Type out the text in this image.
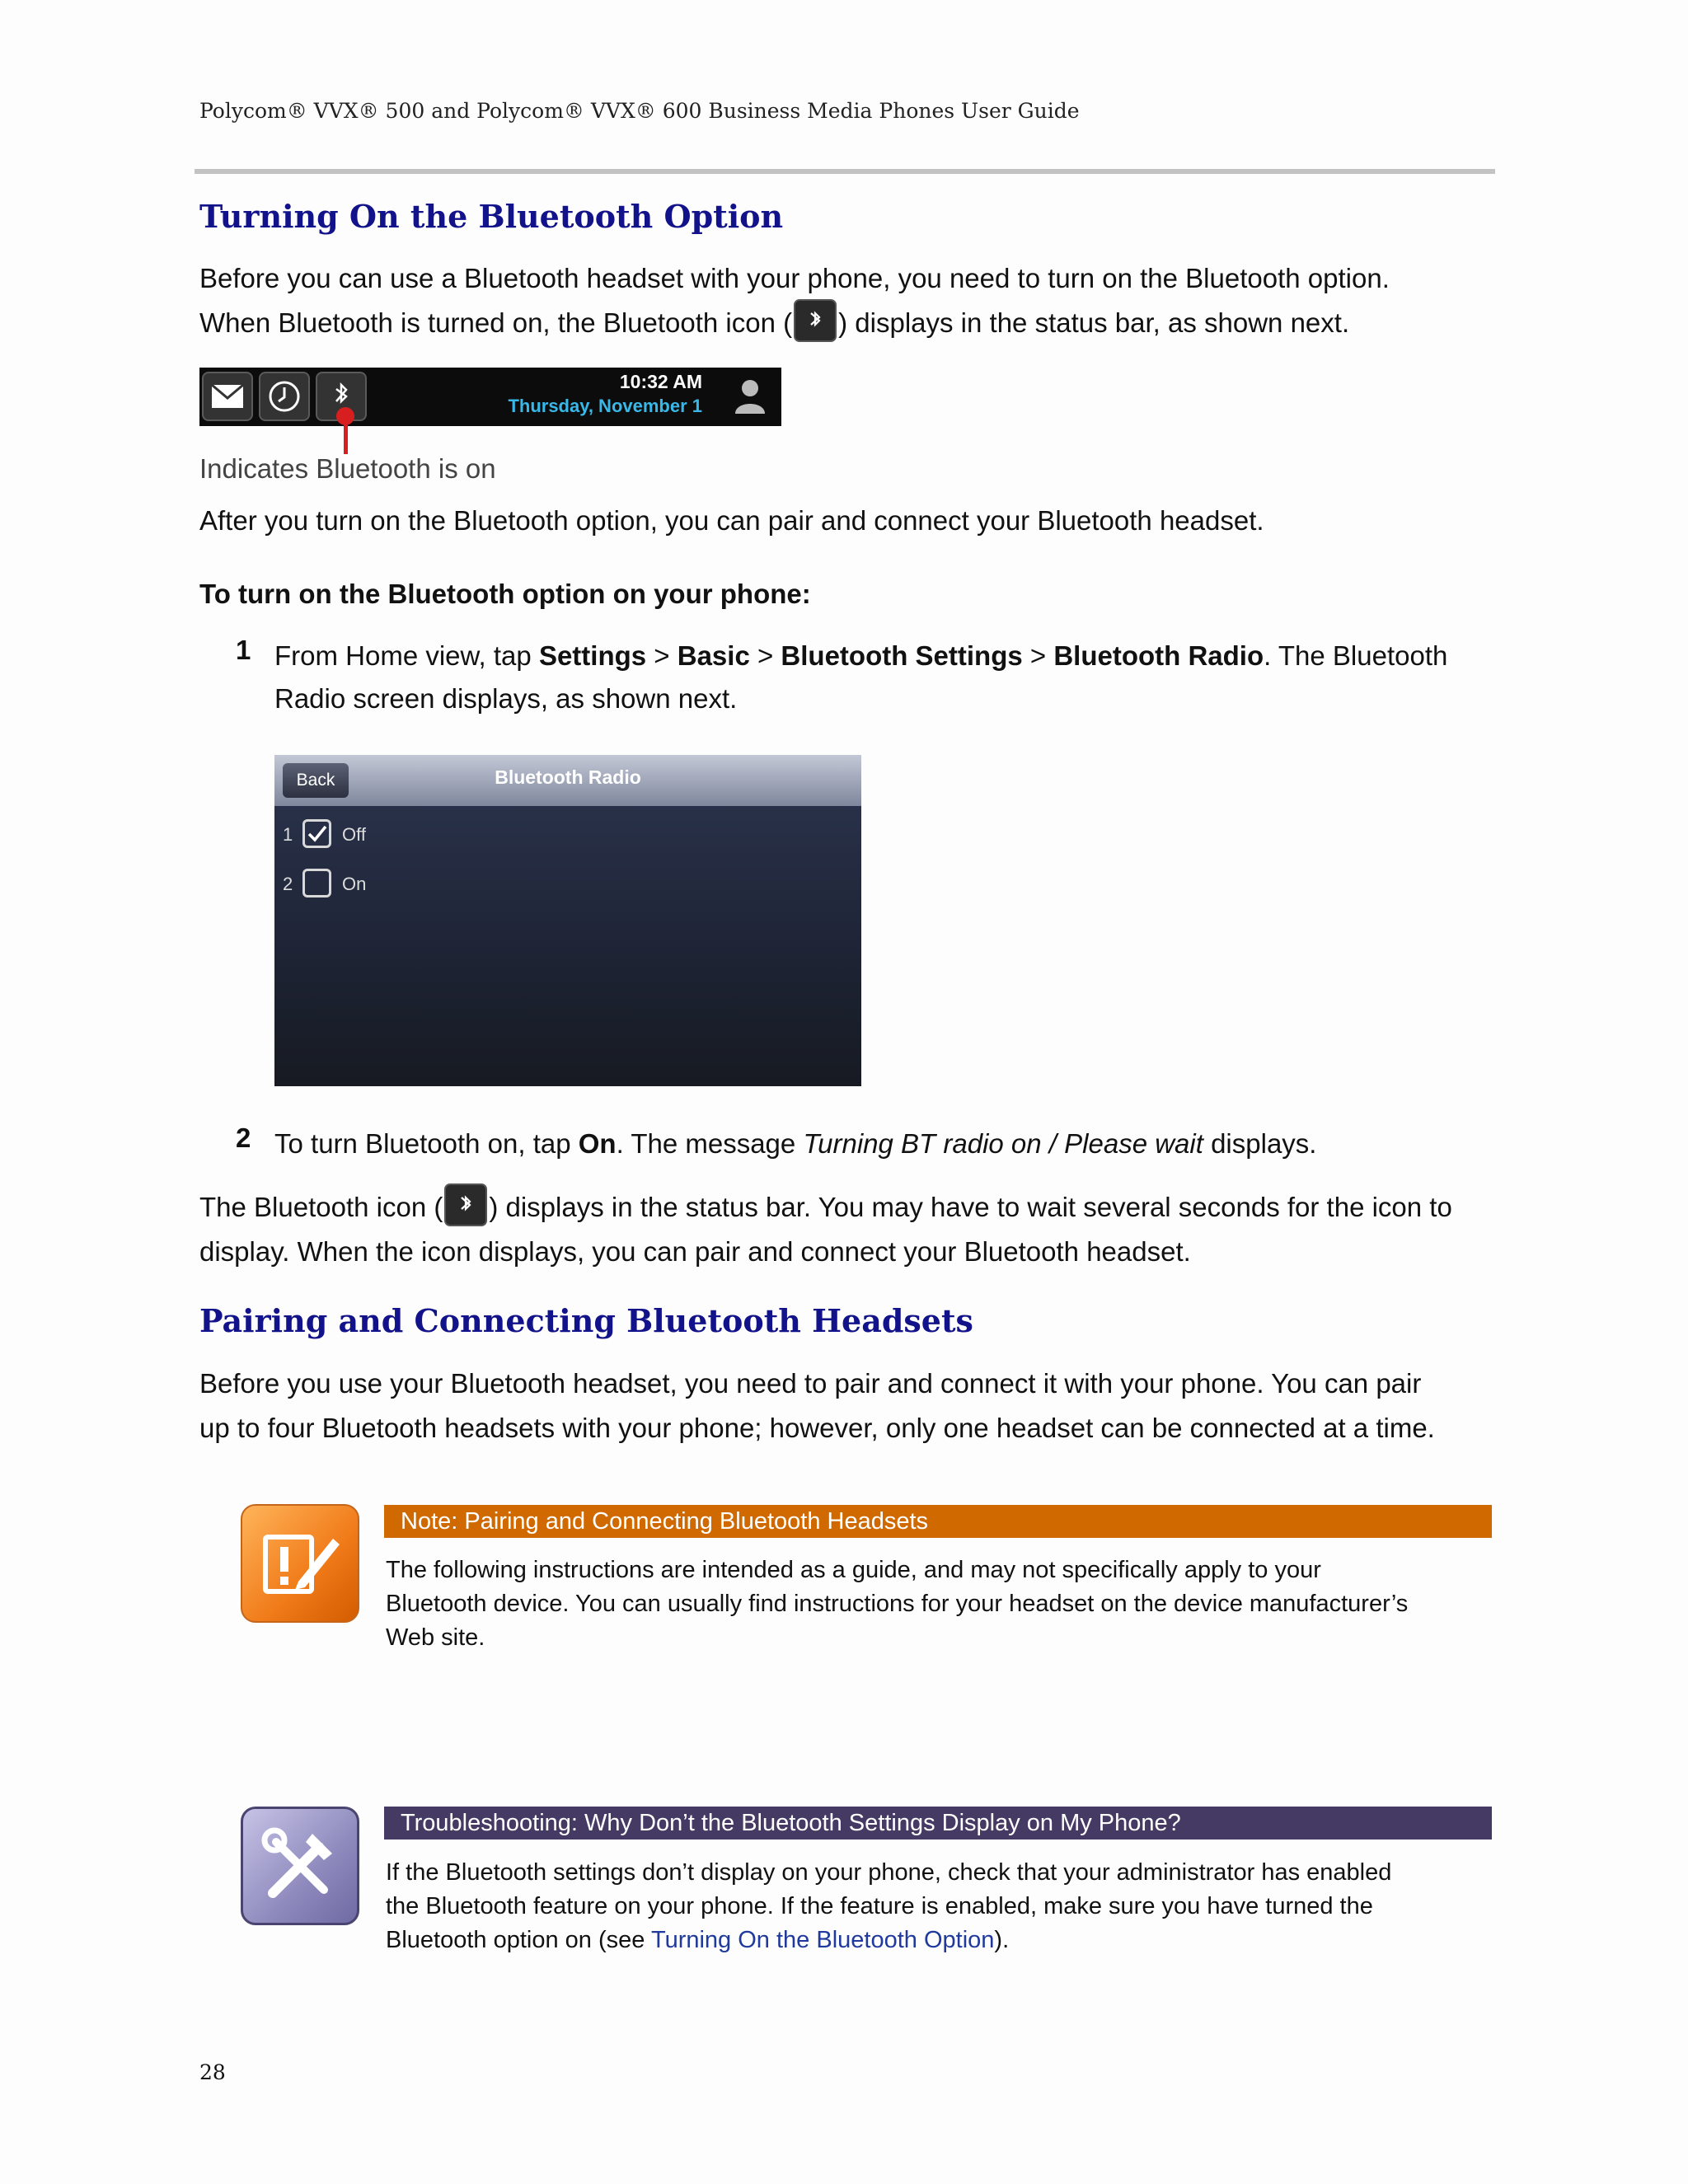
Polycom® VVX® 500 and Polycom® VVX® 600 Business Media Phones User Guide
Turning On the Bluetooth Option
Before you can use a Bluetooth headset with your phone, you need to turn on the Bluetooth option.
When Bluetooth is turned on, the Bluetooth icon ( ) displays in the status bar, as shown next.
10:32 AM
Thursday, November 1
Indicates Bluetooth is on
After you turn on the Bluetooth option, you can pair and connect your Bluetooth headset.
To turn on the Bluetooth option on your phone:
1 From Home view, tap Settings > Basic > Bluetooth Settings > Bluetooth Radio. The Bluetooth
Radio screen displays, as shown next.
Bluetooth Radio
Back
1	Off
2	On
2 To turn Bluetooth on, tap On. The message Turning BT radio on / Please wait displays.
The Bluetooth icon ( ) displays in the status bar. You may have to wait several seconds for the icon to
display. When the icon displays, you can pair and connect your Bluetooth headset.
Pairing and Connecting Bluetooth Headsets
Before you use your Bluetooth headset, you need to pair and connect it with your phone. You can pair
up to four Bluetooth headsets with your phone; however, only one headset can be connected at a time.
Note: Pairing and Connecting Bluetooth Headsets
The following instructions are intended as a guide, and may not specifically apply to your
Bluetooth device. You can usually find instructions for your headset on the device manufacturer’s
Web site.
Troubleshooting: Why Don’t the Bluetooth Settings Display on My Phone?
If the Bluetooth settings don’t display on your phone, check that your administrator has enabled
the Bluetooth feature on your phone. If the feature is enabled, make sure you have turned the
Bluetooth option on (see Turning On the Bluetooth Option).
28
